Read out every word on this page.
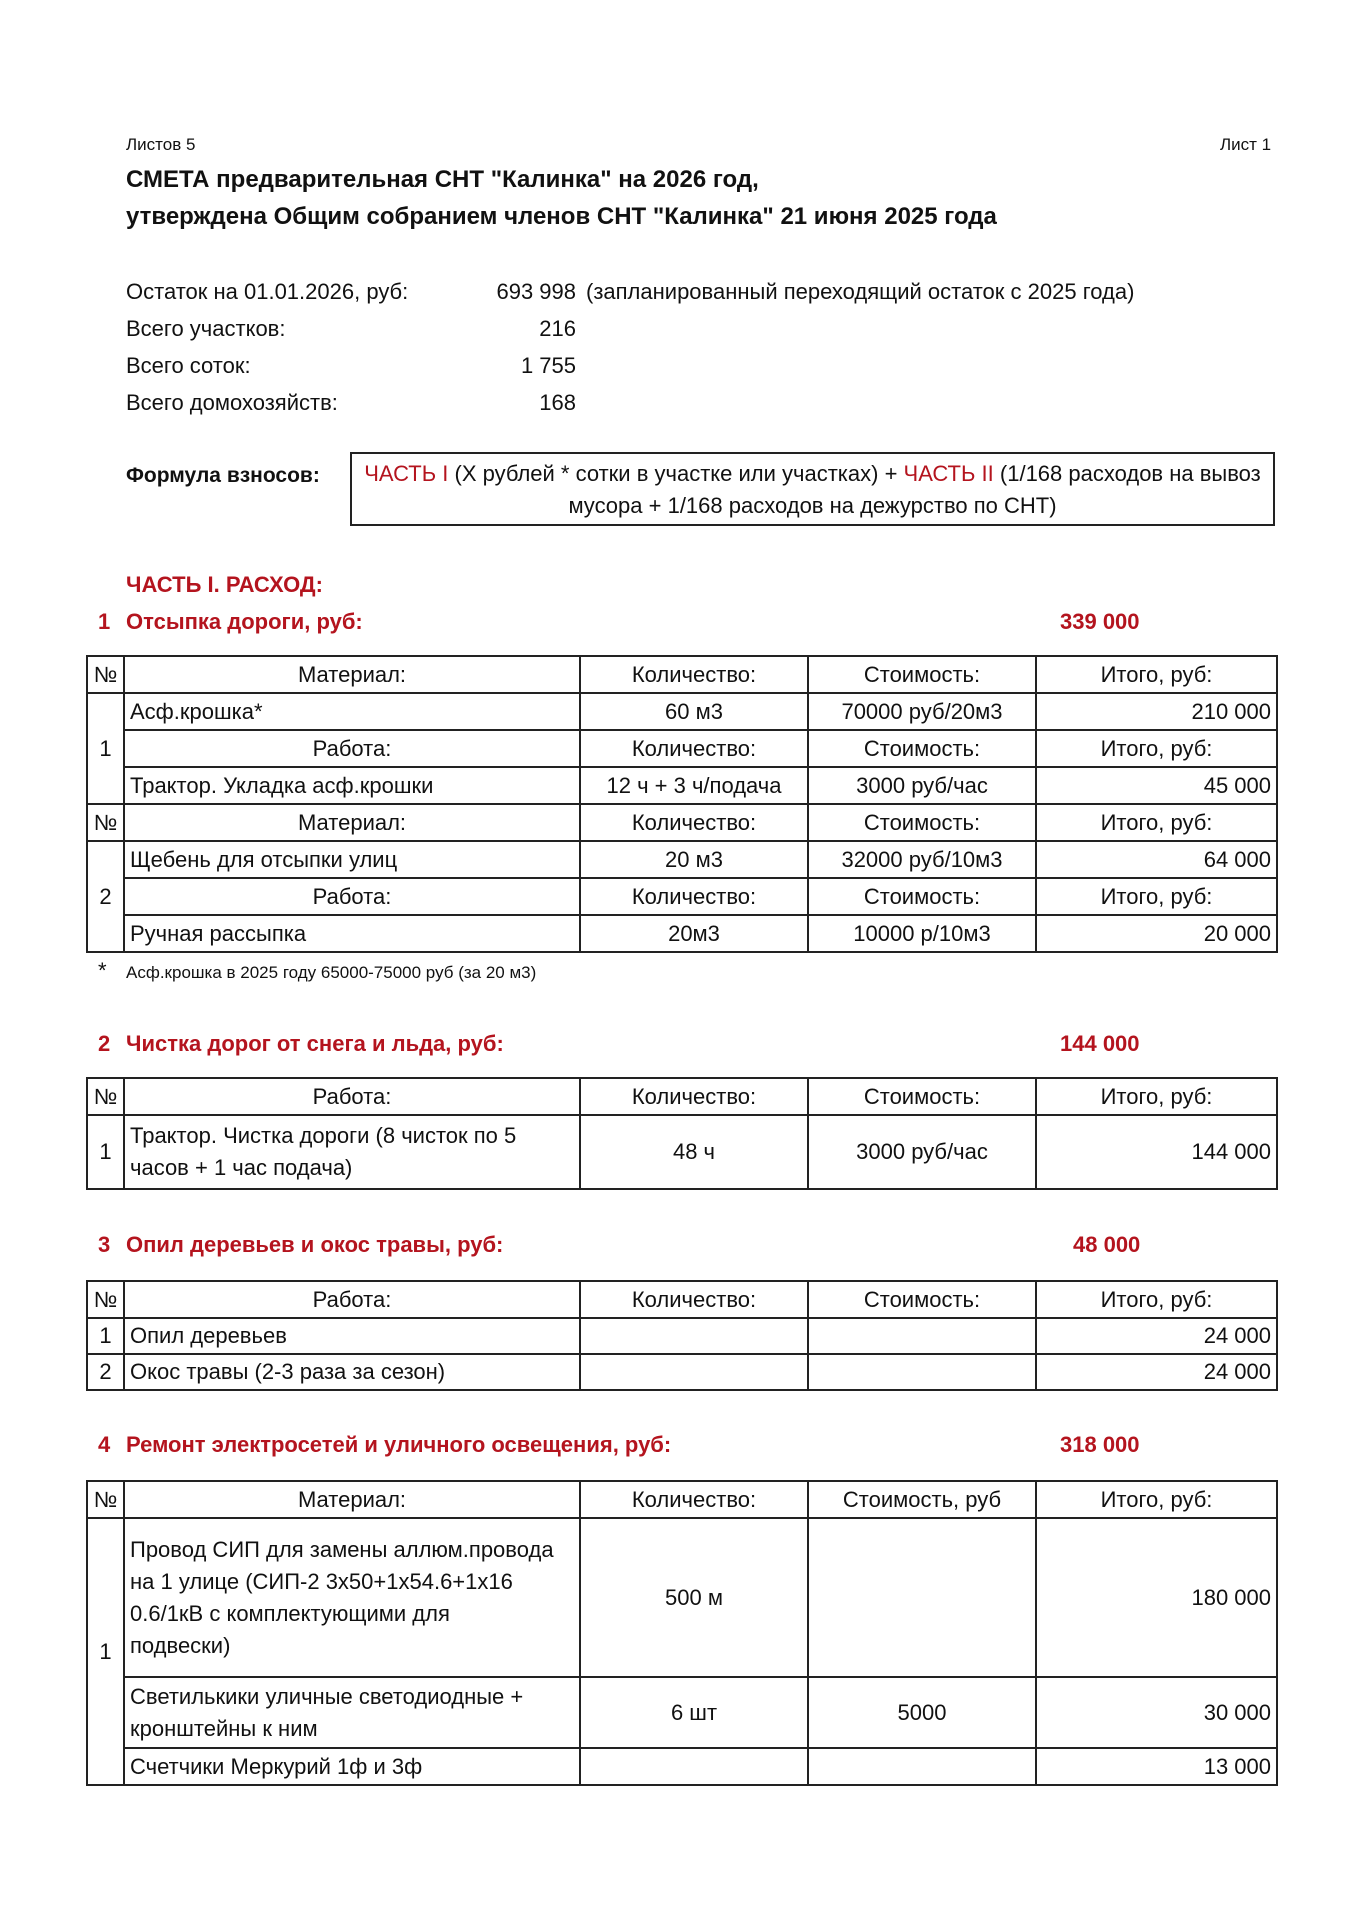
Листов 5	Лист 1
СМЕТА предварительная СНТ "Калинка" на 2026 год,
утверждена Общим собранием членов СНТ "Калинка" 21 июня 2025 года
Остаток на 01.01.2026, руб:	693 998 (запланированный переходящий остаток с 2025 года)
Всего участков:	216
Всего соток:	1 755
Всего домохозяйств:	168
Формула взносов:	ЧАСТЬ I (Х рублей * сотки в участке или участках) + ЧАСТЬ II (1/168 расходов на вывоз
мусора + 1/168 расходов на дежурство по СНТ)
ЧАСТЬ I. РАСХОД:
1 Отсыпка дороги, руб:	339 000
№	Материал:	Количество:	Стоимость:	Итого, руб:
1	Асф.крошка*	60 м3	70000 руб/20м3	210 000
	Работа:	Количество:	Стоимость:	Итого, руб:
	Трактор. Укладка асф.крошки	12 ч + 3 ч/подача	3000 руб/час	45 000
№	Материал:	Количество:	Стоимость:	Итого, руб:
2	Щебень для отсыпки улиц	20 м3	32000 руб/10м3	64 000
	Работа:	Количество:	Стоимость:	Итого, руб:
	Ручная рассыпка	20м3	10000 р/10м3	20 000
* Асф.крошка в 2025 году 65000-75000 руб (за 20 м3)
2 Чистка дорог от снега и льда, руб:	144 000
№	Работа:	Количество:	Стоимость:	Итого, руб:
1	Трактор. Чистка дороги (8 чисток по 5
часов + 1 час подача)	48 ч	3000 руб/час	144 000
3 Опил деревьев и окос травы, руб:	48 000
№	Работа:	Количество:	Стоимость:	Итого, руб:
1	Опил деревьев			24 000
2	Окос травы (2-3 раза за сезон)			24 000
4 Ремонт электросетей и уличного освещения, руб:	318 000
№	Материал:	Количество:	Стоимость, руб	Итого, руб:
1	Провод СИП для замены аллюм.провода
на 1 улице (СИП-2 3х50+1х54.6+1х16
0.6/1кВ с комплектующими для
подвески)	500 м		180 000

	Светилькики уличные светодиодные +
кронштейны к ним	6 шт	5000	30 000
	Счетчики Меркурий 1ф и 3ф			13 000
